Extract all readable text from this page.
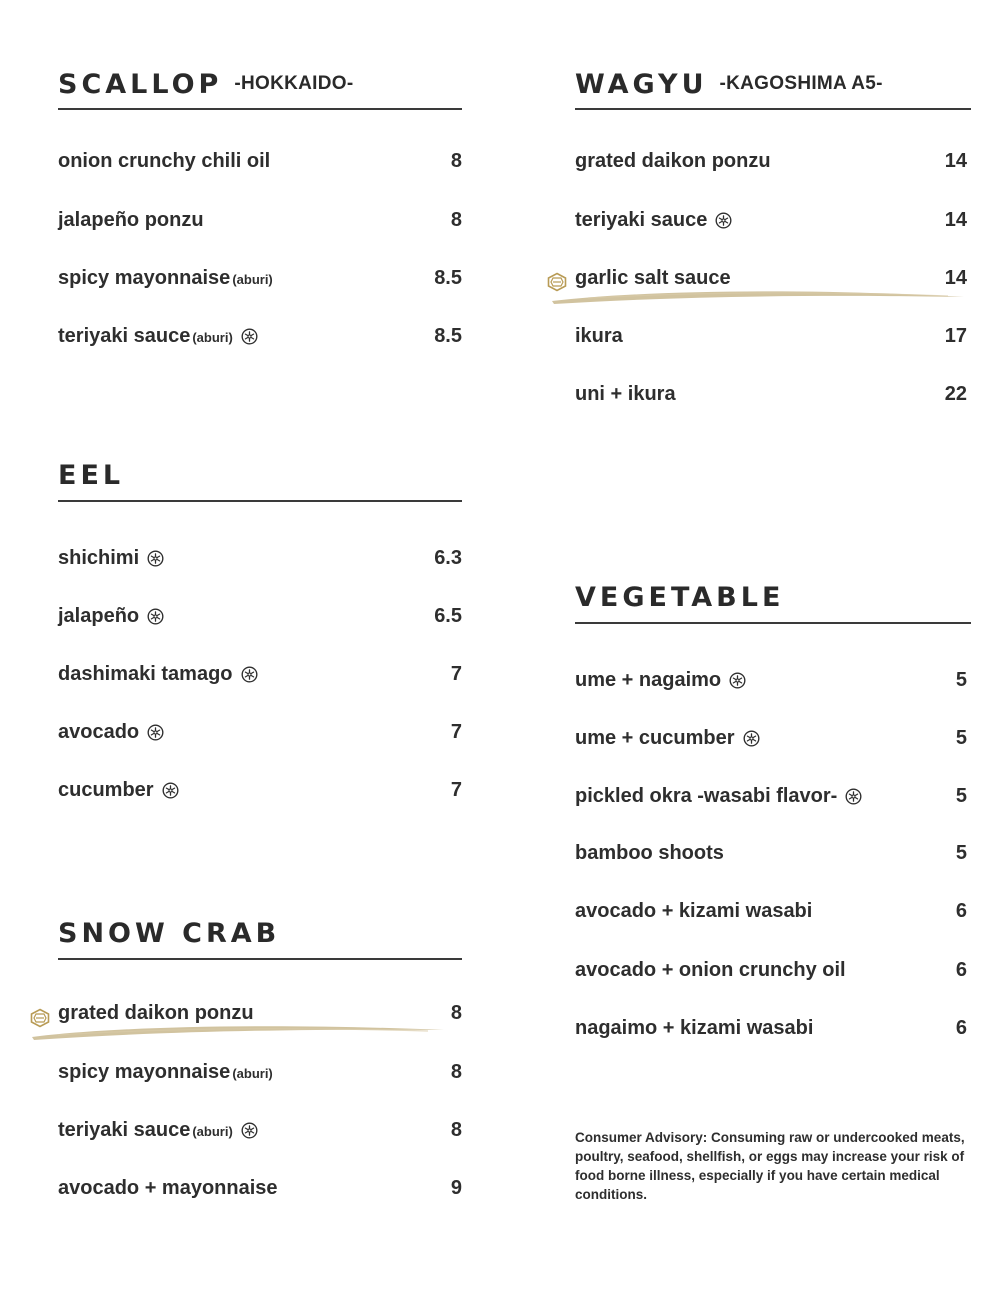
SCALLOP -HOKKAIDO-
onion crunchy chili oil	8
jalapeño ponzu	8
spicy mayonnaise (aburi)	8.5
teriyaki sauce (aburi)	8.5
EEL
shichimi	6.3
jalapeño	6.5
dashimaki tamago	7
avocado	7
cucumber	7
SNOW CRAB
grated daikon ponzu	8
spicy mayonnaise (aburi)	8
teriyaki sauce (aburi)	8
avocado + mayonnaise	9
WAGYU -KAGOSHIMA A5-
grated daikon ponzu	14
teriyaki sauce	14
garlic salt sauce	14
ikura	17
uni + ikura	22
VEGETABLE
ume + nagaimo	5
ume + cucumber	5
pickled okra -wasabi flavor-	5
bamboo shoots	5
avocado + kizami wasabi	6
avocado + onion crunchy oil	6
nagaimo + kizami wasabi	6
Consumer Advisory: Consuming raw or undercooked meats, poultry, seafood, shellfish, or eggs may increase your risk of food borne illness, especially if you have certain medical conditions.
